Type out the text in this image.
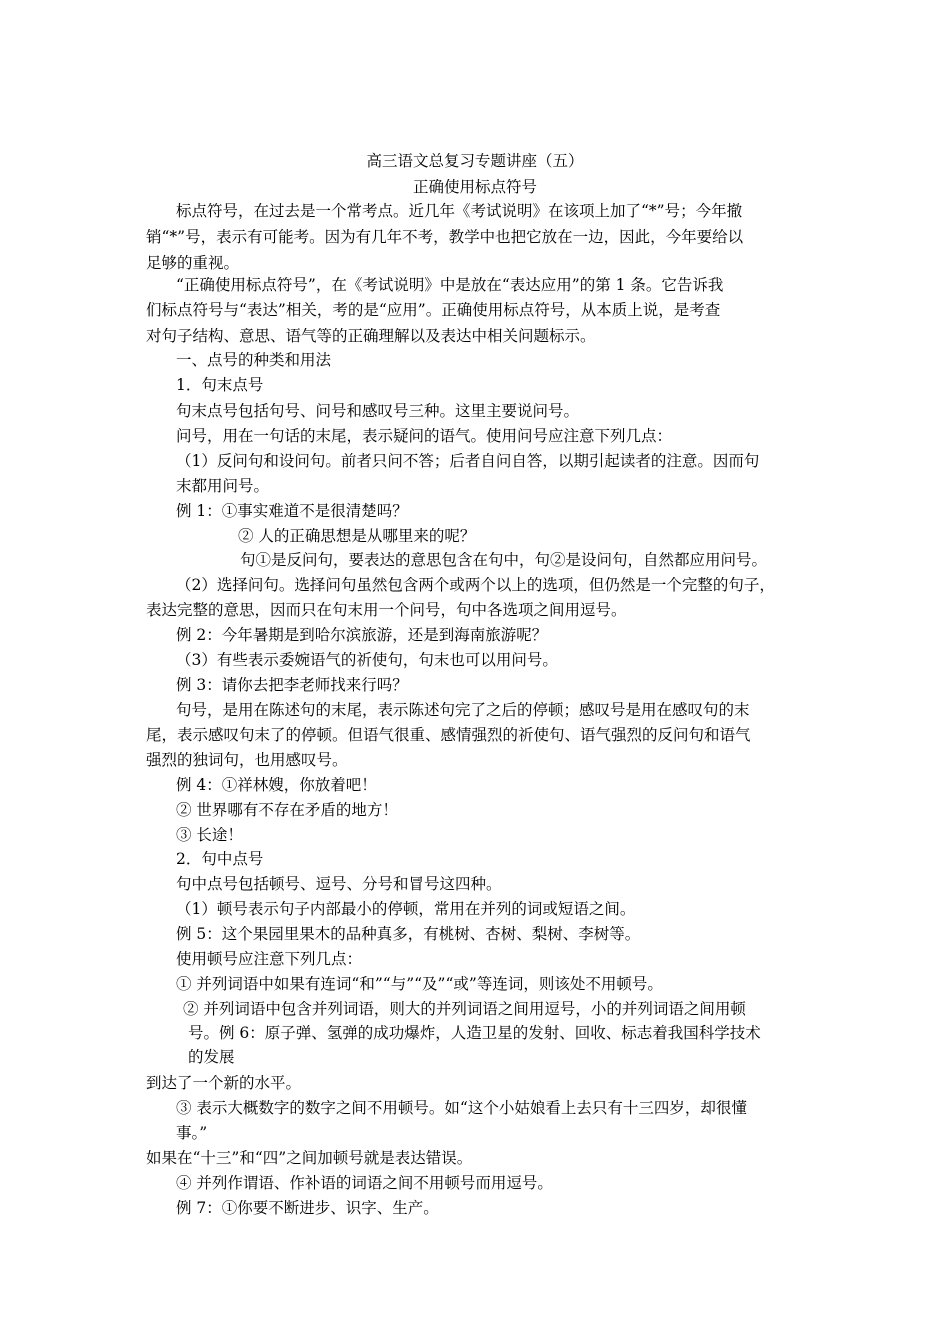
高三语文总复习专题讲座（五）
正确使用标点符号
标点符号，在过去是一个常考点。近几年《考试说明》在该项上加了“*”号；今年撤
销“*”号，表示有可能考。因为有几年不考，教学中也把它放在一边，因此，今年要给以
足够的重视。
“正确使用标点符号”，在《考试说明》中是放在“表达应用”的第 1 条。它告诉我
们标点符号与“表达”相关，考的是“应用”。正确使用标点符号，从本质上说，是考查
对句子结构、意思、语气等的正确理解以及表达中相关问题标示。
一、点号的种类和用法
1．句末点号
句末点号包括句号、问号和感叹号三种。这里主要说问号。
问号，用在一句话的末尾，表示疑问的语气。使用问号应注意下列几点：
（1）反问句和设问句。前者只问不答；后者自问自答，以期引起读者的注意。因而句
末都用问号。
例 1：①事实难道不是很清楚吗？
② 人的正确思想是从哪里来的呢？
句①是反问句，要表达的意思包含在句中，句②是设问句，自然都应用问号。
（2）选择问句。选择问句虽然包含两个或两个以上的选项，但仍然是一个完整的句子，
表达完整的意思，因而只在句末用一个问号，句中各选项之间用逗号。
例 2：今年暑期是到哈尔滨旅游，还是到海南旅游呢？
（3）有些表示委婉语气的祈使句，句末也可以用问号。
例 3：请你去把李老师找来行吗？
句号，是用在陈述句的末尾，表示陈述句完了之后的停顿；感叹号是用在感叹句的末
尾，表示感叹句末了的停顿。但语气很重、感情强烈的祈使句、语气强烈的反问句和语气
强烈的独词句，也用感叹号。
例 4：①祥林嫂，你放着吧！
② 世界哪有不存在矛盾的地方！
③ 长途！
2．句中点号
句中点号包括顿号、逗号、分号和冒号这四种。
（1）顿号表示句子内部最小的停顿，常用在并列的词或短语之间。
例 5：这个果园里果木的品种真多，有桃树、杏树、梨树、李树等。
使用顿号应注意下列几点：
① 并列词语中如果有连词“和”“与”“及”“或”等连词，则该处不用顿号。
② 并列词语中包含并列词语，则大的并列词语之间用逗号，小的并列词语之间用顿
号。例 6：原子弹、氢弹的成功爆炸，人造卫星的发射、回收、标志着我国科学技术
的发展
到达了一个新的水平。
③ 表示大概数字的数字之间不用顿号。如“这个小姑娘看上去只有十三四岁，却很懂
事。”
如果在“十三”和“四”之间加顿号就是表达错误。
④ 并列作谓语、作补语的词语之间不用顿号而用逗号。
例 7：①你要不断进步、识字、生产。
